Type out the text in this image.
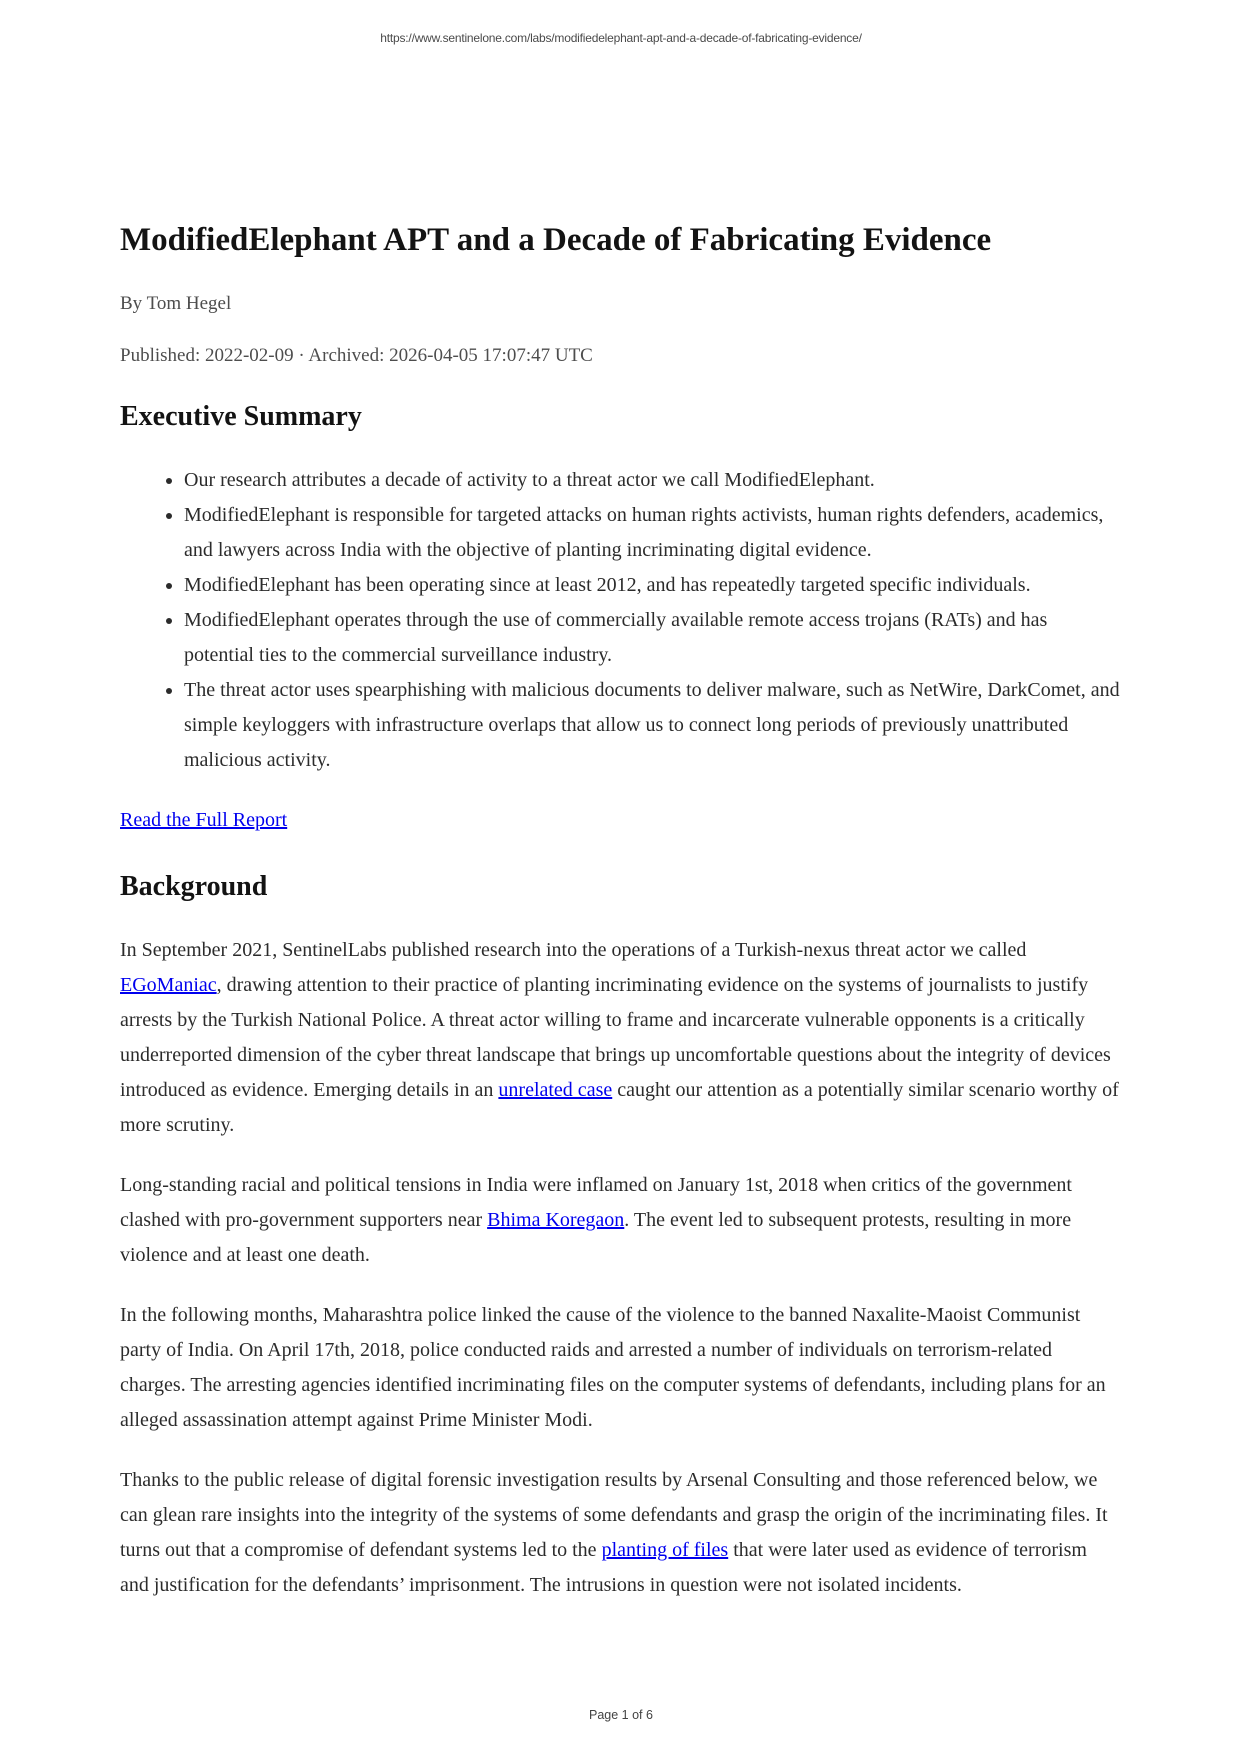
https://www.sentinelone.com/labs/modifiedelephant-apt-and-a-decade-of-fabricating-evidence/
ModifiedElephant APT and a Decade of Fabricating Evidence

By Tom Hegel

Published: 2022-02-09 · Archived: 2026-04-05 17:07:47 UTC

Executive Summary
• Our research attributes a decade of activity to a threat actor we call ModifiedElephant.
• ModifiedElephant is responsible for targeted attacks on human rights activists, human rights defenders, academics, and lawyers across India with the objective of planting incriminating digital evidence.
• ModifiedElephant has been operating since at least 2012, and has repeatedly targeted specific individuals.
• ModifiedElephant operates through the use of commercially available remote access trojans (RATs) and has potential ties to the commercial surveillance industry.
• The threat actor uses spearphishing with malicious documents to deliver malware, such as NetWire, DarkComet, and simple keyloggers with infrastructure overlaps that allow us to connect long periods of previously unattributed malicious activity.

Read the Full Report

Background

In September 2021, SentinelLabs published research into the operations of a Turkish-nexus threat actor we called EGoManiac, drawing attention to their practice of planting incriminating evidence on the systems of journalists to justify arrests by the Turkish National Police. A threat actor willing to frame and incarcerate vulnerable opponents is a critically underreported dimension of the cyber threat landscape that brings up uncomfortable questions about the integrity of devices introduced as evidence. Emerging details in an unrelated case caught our attention as a potentially similar scenario worthy of more scrutiny.

Long-standing racial and political tensions in India were inflamed on January 1st, 2018 when critics of the government clashed with pro-government supporters near Bhima Koregaon. The event led to subsequent protests, resulting in more violence and at least one death.

In the following months, Maharashtra police linked the cause of the violence to the banned Naxalite-Maoist Communist party of India. On April 17th, 2018, police conducted raids and arrested a number of individuals on terrorism-related charges. The arresting agencies identified incriminating files on the computer systems of defendants, including plans for an alleged assassination attempt against Prime Minister Modi.

Thanks to the public release of digital forensic investigation results by Arsenal Consulting and those referenced below, we can glean rare insights into the integrity of the systems of some defendants and grasp the origin of the incriminating files. It turns out that a compromise of defendant systems led to the planting of files that were later used as evidence of terrorism and justification for the defendants’ imprisonment. The intrusions in question were not isolated incidents.

Page 1 of 6
